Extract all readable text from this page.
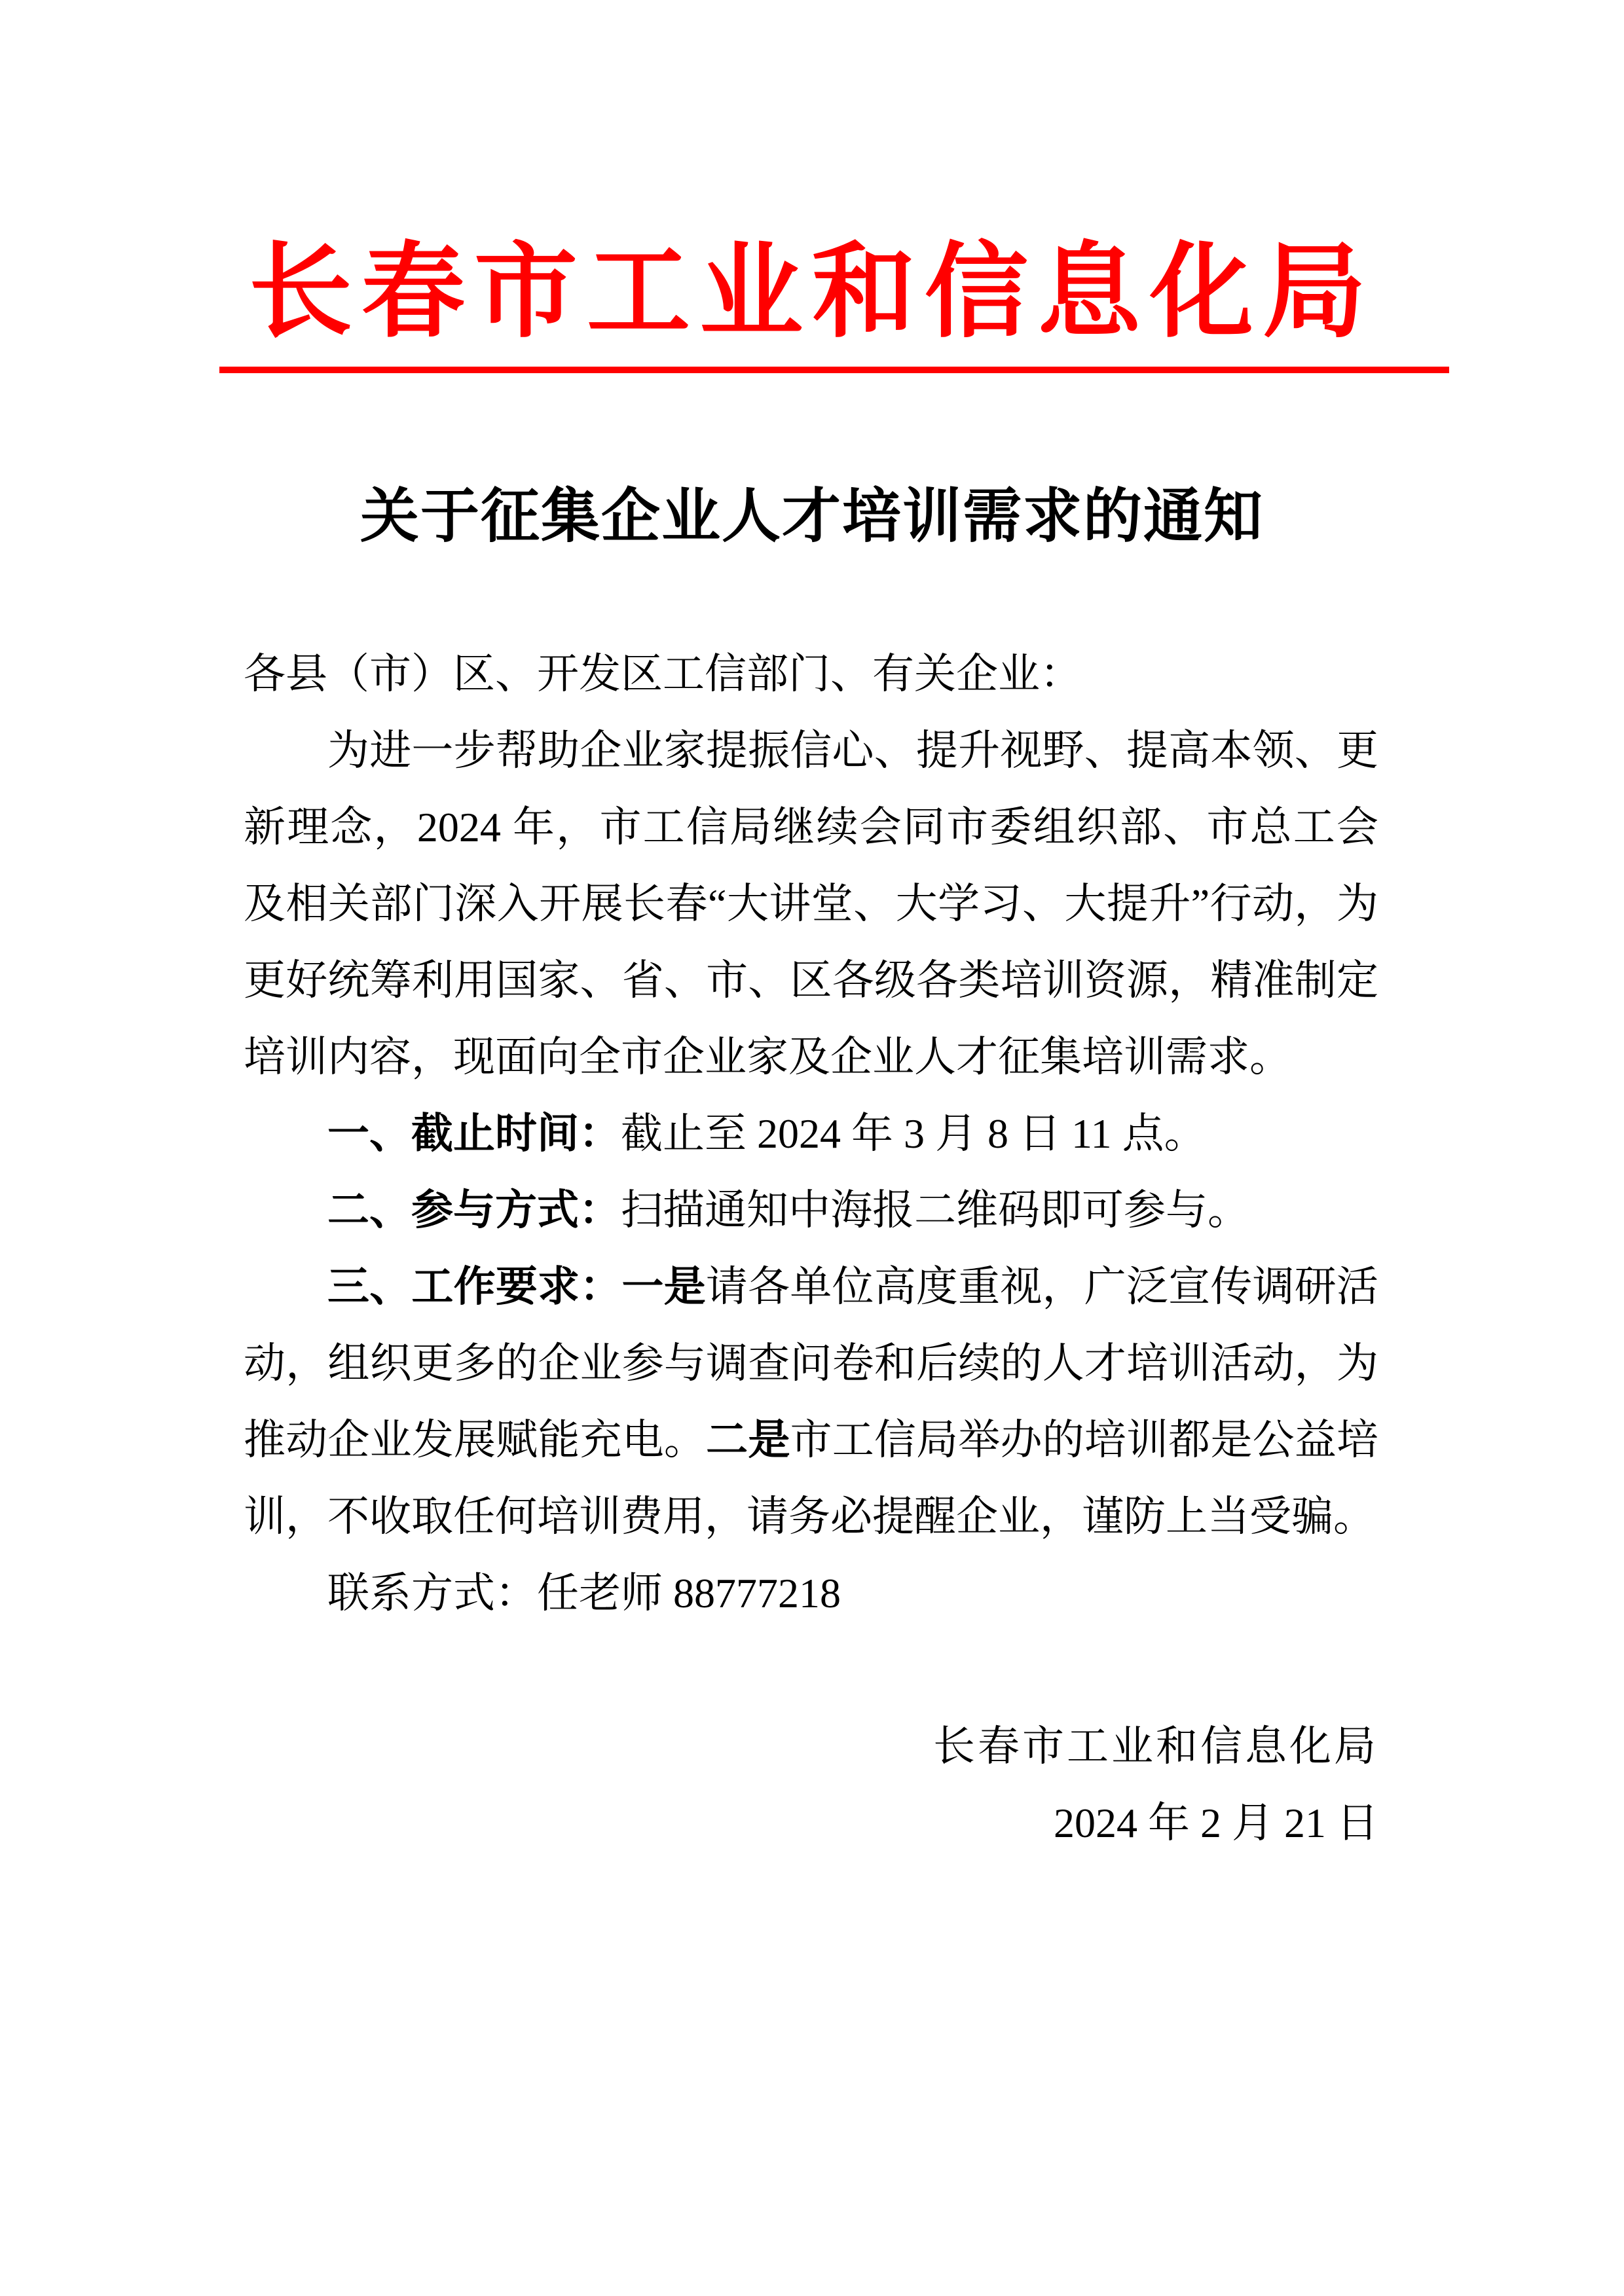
长春市工业和信息化局
关于征集企业人才培训需求的通知

各县（市）区、开发区工信部门、有关企业：

为进一步帮助企业家提振信心、提升视野、提高本领、更新理念，2024 年，市工信局继续会同市委组织部、市总工会及相关部门深入开展长春“大讲堂、大学习、大提升”行动，为更好统筹利用国家、省、市、区各级各类培训资源，精准制定培训内容，现面向全市企业家及企业人才征集培训需求。

一、截止时间：截止至 2024 年 3 月 8 日 11 点。

二、参与方式：扫描通知中海报二维码即可参与。

三、工作要求：一是请各单位高度重视，广泛宣传调研活动，组织更多的企业参与调查问卷和后续的人才培训活动，为推动企业发展赋能充电。二是市工信局举办的培训都是公益培训，不收取任何培训费用，请务必提醒企业，谨防上当受骗。

联系方式：任老师 88777218

长春市工业和信息化局
2024 年 2 月 21 日
